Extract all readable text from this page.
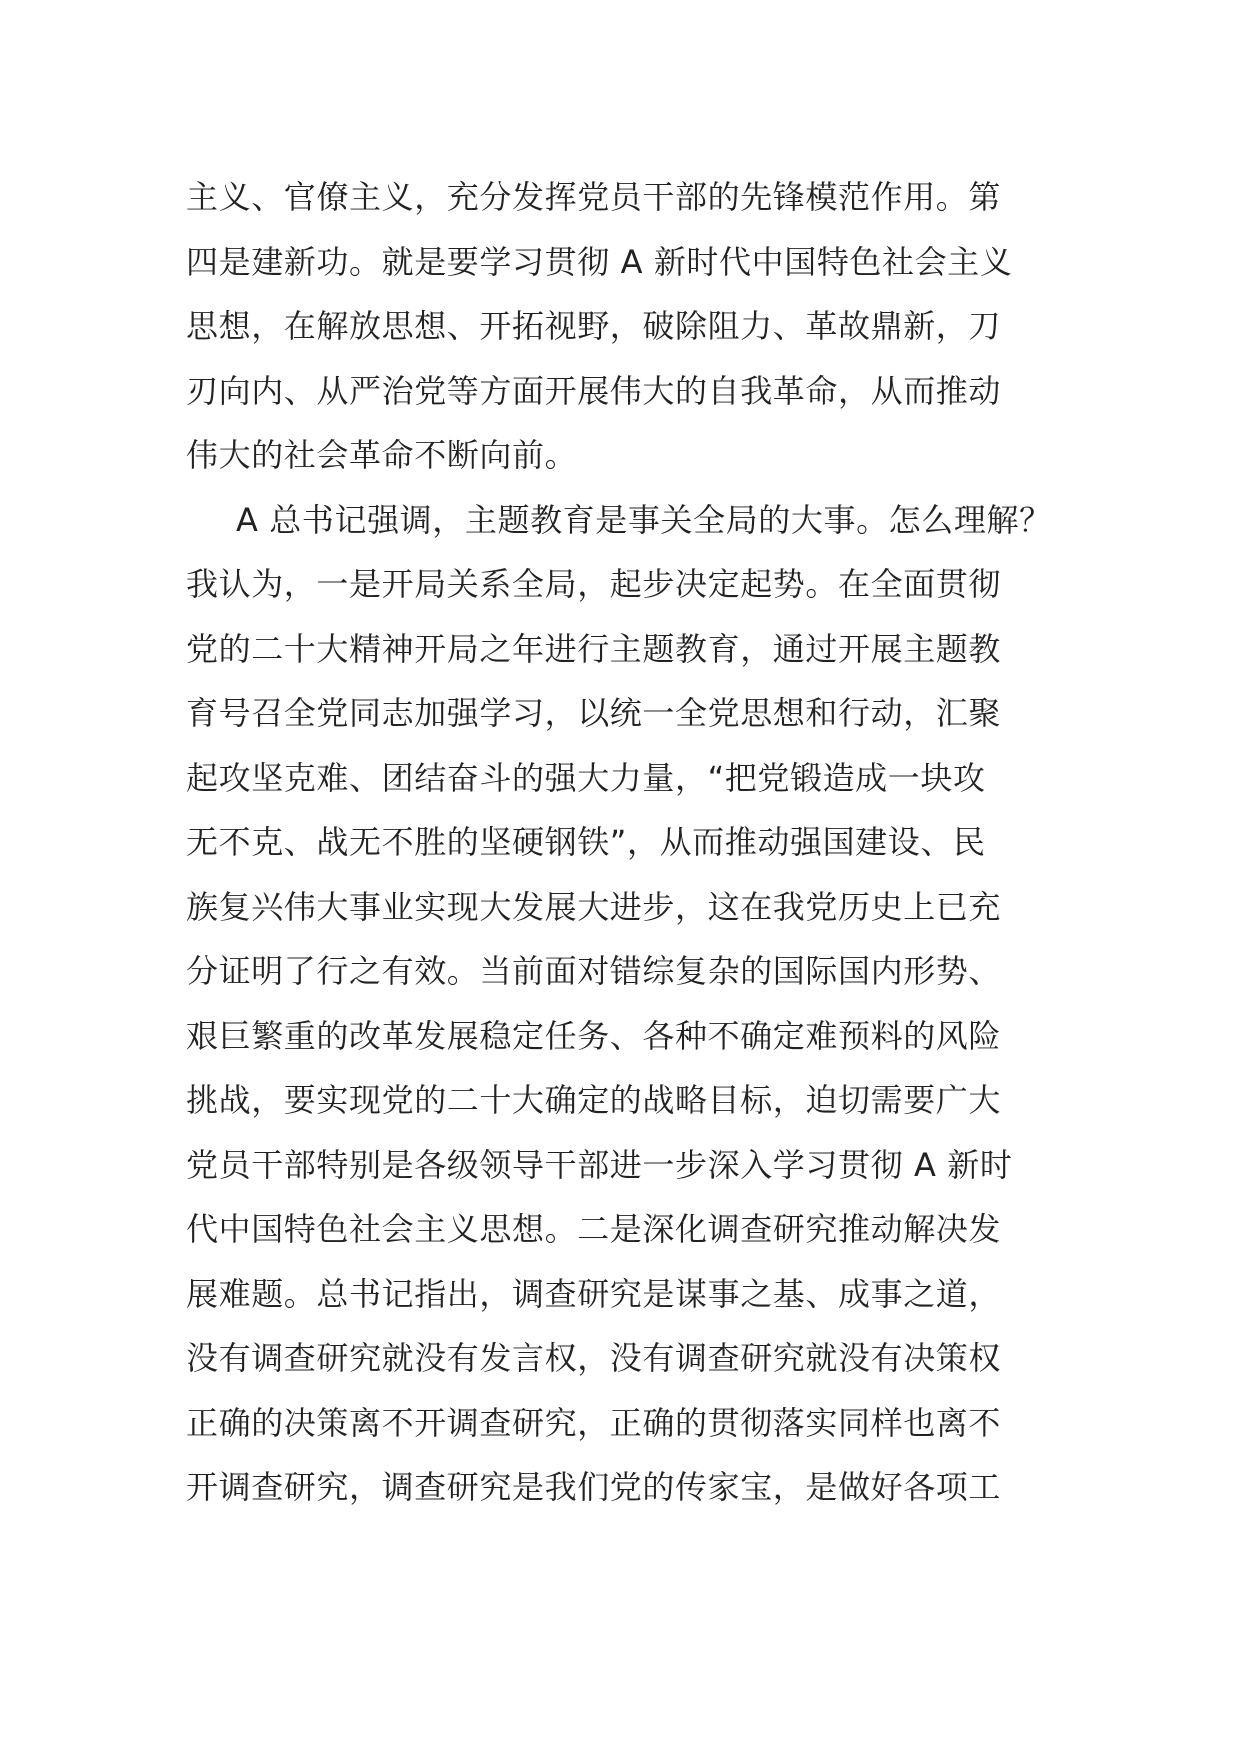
主义、官僚主义，充分发挥党员干部的先锋模范作用。第
四是建新功。就是要学习贯彻 A 新时代中国特色社会主义
思想，在解放思想、开拓视野，破除阻力、革故鼎新，刀
刃向内、从严治党等方面开展伟大的自我革命，从而推动
伟大的社会革命不断向前。
A 总书记强调，主题教育是事关全局的大事。怎么理解？
我认为，一是开局关系全局，起步决定起势。在全面贯彻
党的二十大精神开局之年进行主题教育，通过开展主题教
育号召全党同志加强学习，以统一全党思想和行动，汇聚
起攻坚克难、团结奋斗的强大力量，“把党锻造成一块攻
无不克、战无不胜的坚硬钢铁”，从而推动强国建设、民
族复兴伟大事业实现大发展大进步，这在我党历史上已充
分证明了行之有效。当前面对错综复杂的国际国内形势、
艰巨繁重的改革发展稳定任务、各种不确定难预料的风险
挑战，要实现党的二十大确定的战略目标，迫切需要广大
党员干部特别是各级领导干部进一步深入学习贯彻 A 新时
代中国特色社会主义思想。二是深化调查研究推动解决发
展难题。总书记指出，调查研究是谋事之基、成事之道，
没有调查研究就没有发言权，没有调查研究就没有决策权
正确的决策离不开调查研究，正确的贯彻落实同样也离不
开调查研究，调查研究是我们党的传家宝，是做好各项工
